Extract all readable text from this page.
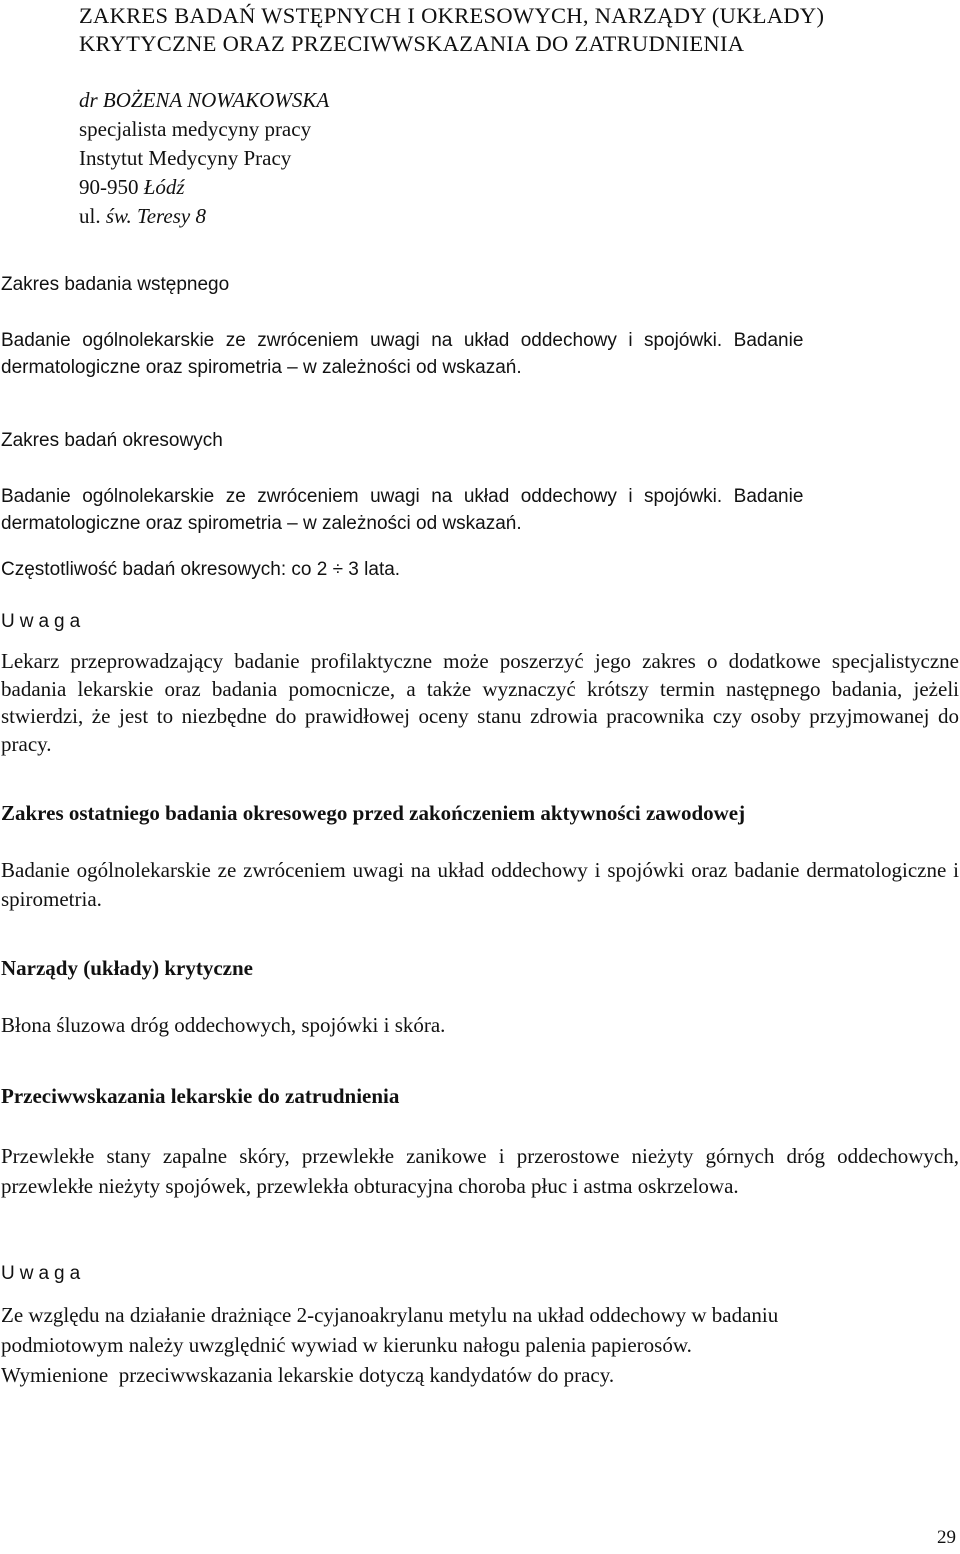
ZAKRES BADAŃ WSTĘPNYCH I OKRESOWYCH, NARZĄDY (UKŁADY)
KRYTYCZNE ORAZ PRZECIWWSKAZANIA DO ZATRUDNIENIA
dr BOŻENA NOWAKOWSKA
specjalista medycyny pracy
Instytut Medycyny Pracy
90-950 Łódź
ul. św. Teresy 8
Zakres badania wstępnego
Badanie ogólnolekarskie ze zwróceniem uwagi na układ oddechowy i spojówki. Badanie
dermatologiczne oraz spirometria – w zależności od wskazań.
Zakres badań okresowych
Badanie ogólnolekarskie ze zwróceniem uwagi na układ oddechowy i spojówki. Badanie
dermatologiczne oraz spirometria – w zależności od wskazań.
Częstotliwość badań okresowych: co 2 ÷ 3 lata.
Uwaga
Lekarz przeprowadzający badanie profilaktyczne może poszerzyć jego zakres o dodatkowe specjalistyczne badania lekarskie oraz badania pomocnicze, a także wyznaczyć krótszy termin następnego badania, jeżeli stwierdzi, że jest to niezbędne do prawidłowej oceny stanu zdrowia pracownika czy osoby przyjmowanej do pracy.
Zakres ostatniego badania okresowego przed zakończeniem aktywności zawodowej
Badanie ogólnolekarskie ze zwróceniem uwagi na układ oddechowy i spojówki oraz badanie dermatologiczne i spirometria.
Narządy (układy) krytyczne
Błona śluzowa dróg oddechowych, spojówki i skóra.
Przeciwwskazania lekarskie do zatrudnienia
Przewlekłe stany zapalne skóry, przewlekłe zanikowe i przerostowe nieżyty górnych dróg oddechowych, przewlekłe nieżyty spojówek, przewlekła obturacyjna choroba płuc i astma oskrzelowa.
Uwaga
Ze względu na działanie drażniące 2-cyjanoakrylanu metylu na układ oddechowy w badaniu
podmiotowym należy uwzględnić wywiad w kierunku nałogu palenia papierosów.
Wymienione  przeciwwskazania lekarskie dotyczą kandydatów do pracy.
29
